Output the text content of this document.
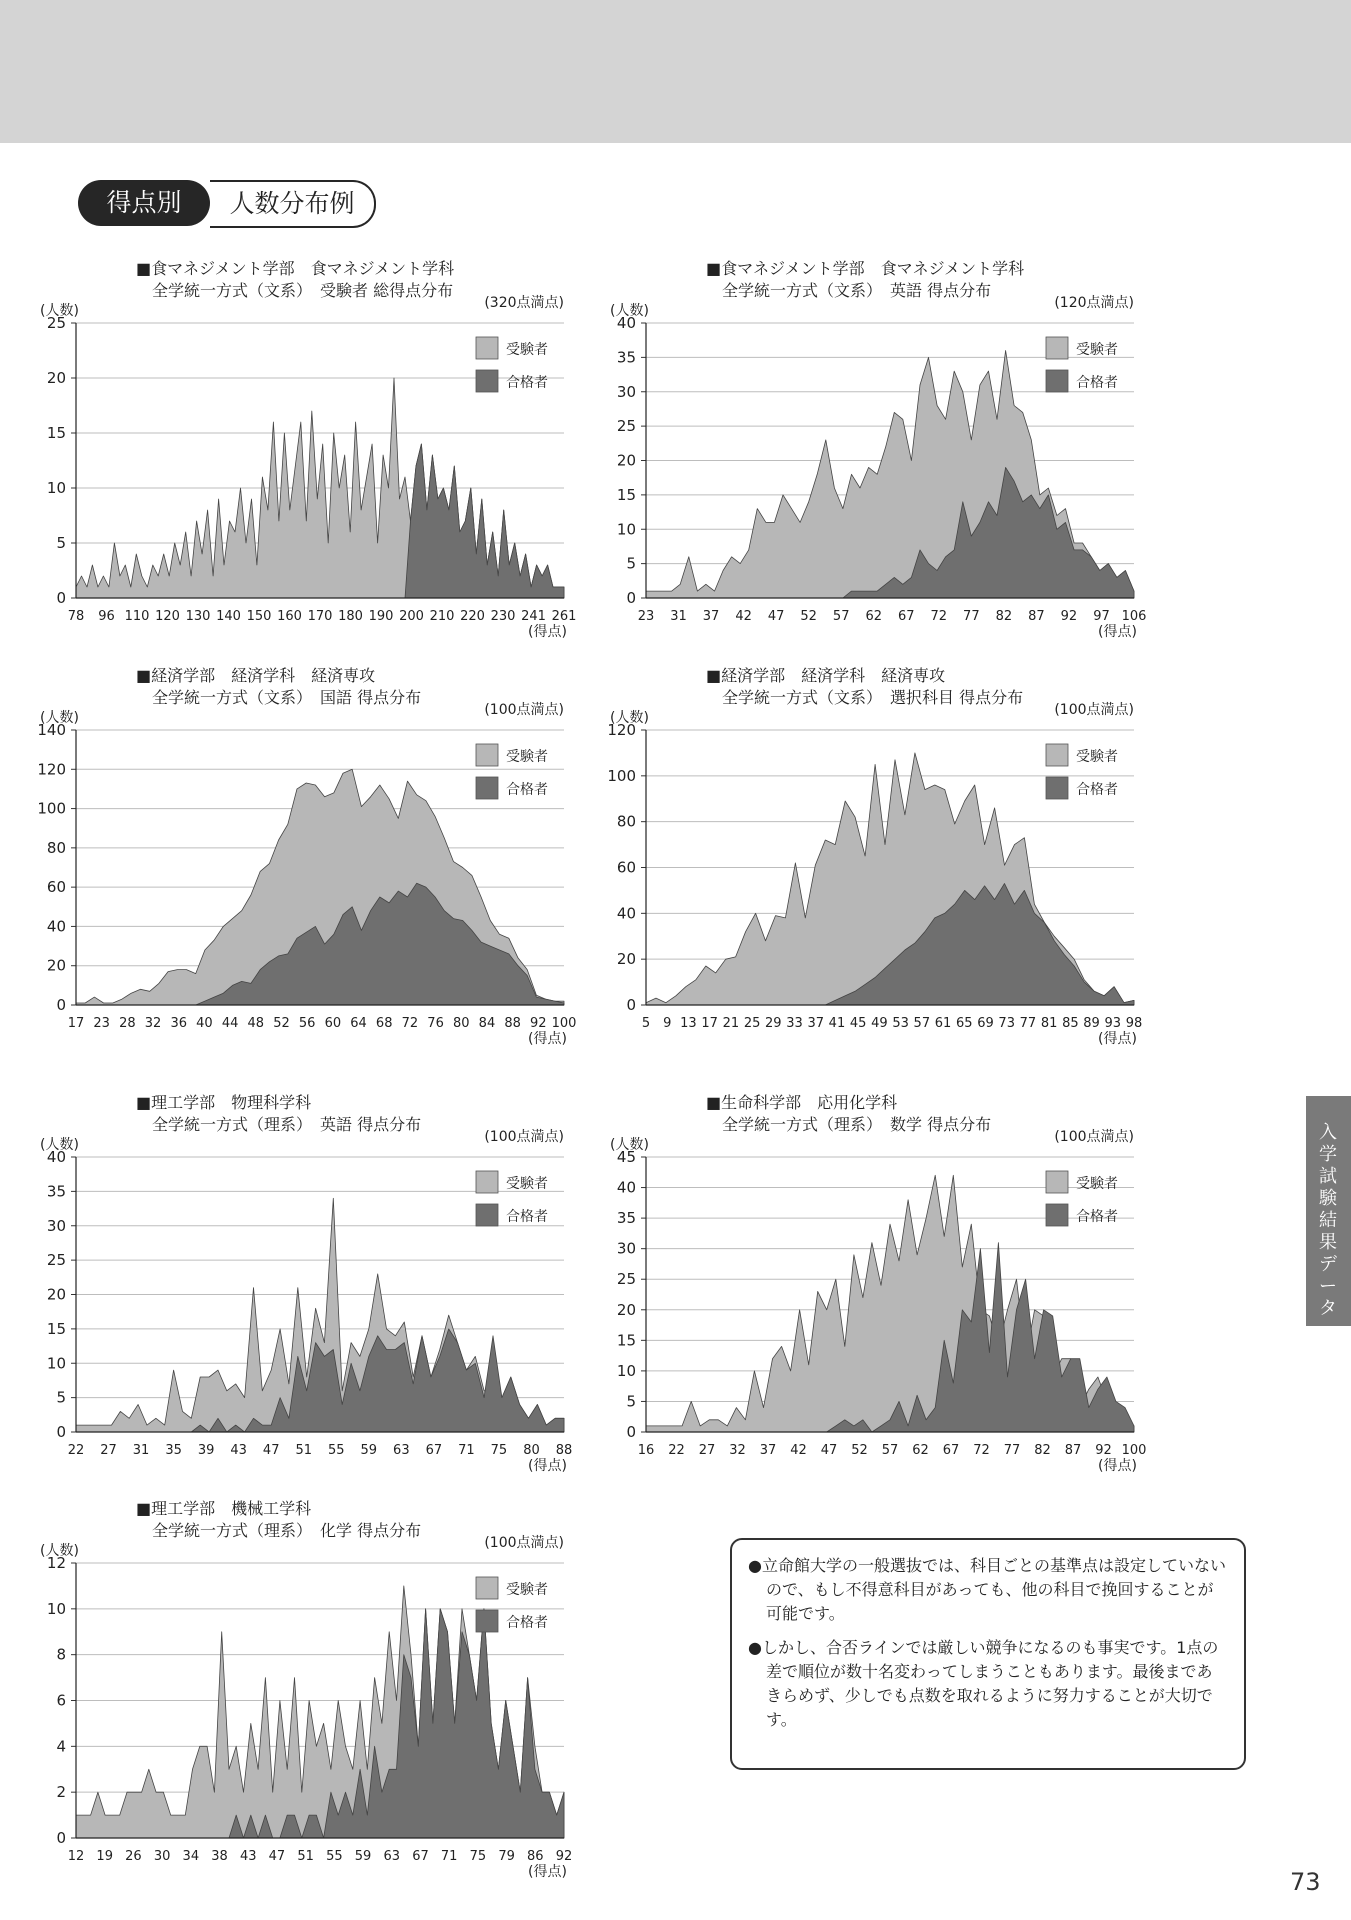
人数分布例
得点別
■食マネジメント学部　食マネジメント学科
全学統一方式（文系）　受験者 総得点分布
0
5
10
15
20
25
78 96 110 120 130 140 150 160 170 180 190 200 210 220 230 241 261
(人数)
(得点)
(320点満点)
受験者
合格者
■食マネジメント学部　食マネジメント学科
全学統一方式（文系）　英語 得点分布
0
5
10
15
20
25
30
35
40
23 31 37 42 47 52 57 62 67 72 77 82 87 92 97 106
(人数)
(得点)
(120点満点)
受験者
合格者
■経済学部　経済学科　経済専攻
全学統一方式（文系）　国語 得点分布
0
20
40
60
80
100
120
140
17 23 28 32 36 40 44 48 52 56 60 64 68 72 76 80 84 88 92 100
(人数)
(得点)
(100点満点)
受験者
合格者
■経済学部　経済学科　経済専攻
全学統一方式（文系）　選択科目 得点分布
0
20
40
60
80
100
120
5 9 13 17 21 25 29 33 37 41 45 49 53 57 61 65 69 73 77 81 85 89 93 98
(人数)
(得点)
(100点満点)
受験者
合格者
■理工学部　物理科学科
全学統一方式（理系）　英語 得点分布
0
5
10
15
20
25
30
35
40
22 27 31 35 39 43 47 51 55 59 63 67 71 75 80 88
(人数)
(得点)
(100点満点)
受験者
合格者
■生命科学部　応用化学科
全学統一方式（理系）　数学 得点分布
0
5
10
15
20
25
30
35
40
45
16 22 27 32 37 42 47 52 57 62 67 72 77 82 87 92 100
(人数)
(得点)
(100点満点)
受験者
合格者
■理工学部　機械工学科
全学統一方式（理系）　化学 得点分布
0
2
4
6
8
10
12
12 19 26 30 34 38 43 47 51 55 59 63 67 71 75 79 86 92
(人数)
(得点)
(100点満点)
受験者
合格者

●立命館大学の一般選抜では、科目ごとの基準点は設定していないので、もし不得意科目があっても、他の科目で挽回することが可能です。

●しかし、合否ラインでは厳しい競争になるのも事実です。1点の差で順位が数十名変わってしまうこともあります。最後まであきらめず、少しでも点数を取れるように努力することが大切です。

入学試験結果データ
73
